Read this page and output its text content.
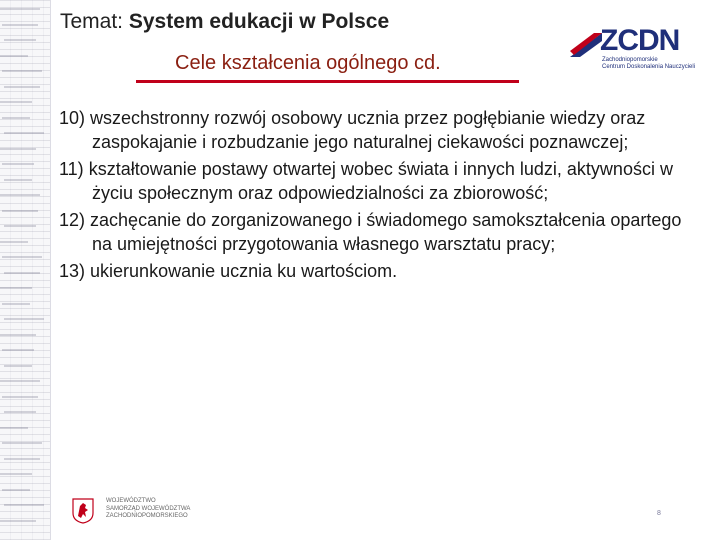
Temat: System edukacji w Polsce
Cele kształcenia ogólnego cd.
ZCDN
Zachodniopomorskie
Centrum Doskonalenia Nauczycieli
10) wszechstronny rozwój osobowy ucznia przez pogłębianie wiedzy oraz zaspokajanie i rozbudzanie jego naturalnej ciekawości poznawczej;
11) kształtowanie postawy otwartej wobec świata i innych ludzi, aktywności w życiu społecznym oraz odpowiedzialności za zbiorowość;
12) zachęcanie do zorganizowanego i świadomego samokształcenia opartego na umiejętności przygotowania własnego warsztatu pracy;
13) ukierunkowanie ucznia ku wartościom.
WOJEWÓDZTWO
SAMORZĄD WOJEWÓDZTWA
ZACHODNIOPOMORSKIEGO	8
